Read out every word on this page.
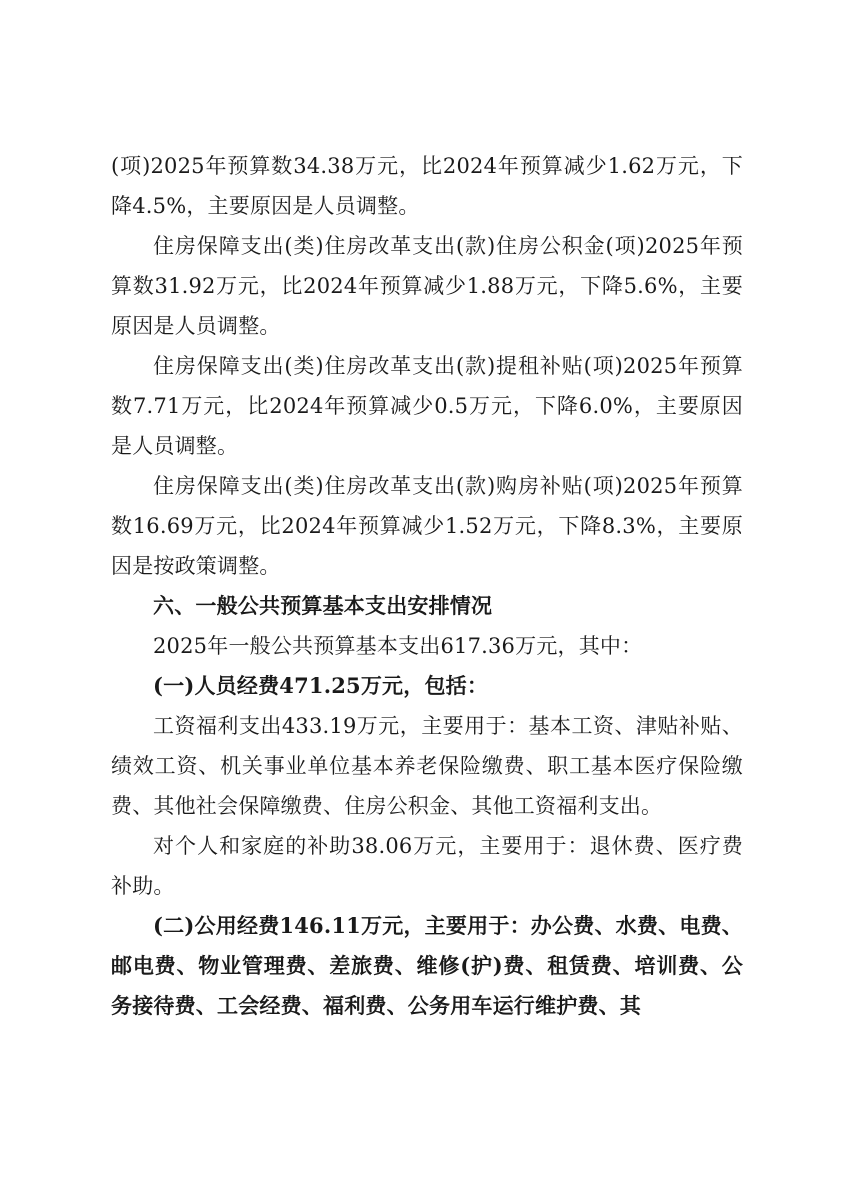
(项)2025年预算数34.38万元，比2024年预算减少1.62万元，下降4.5%，主要原因是人员调整。

住房保障支出(类)住房改革支出(款)住房公积金(项)2025年预算数31.92万元，比2024年预算减少1.88万元，下降5.6%，主要原因是人员调整。

住房保障支出(类)住房改革支出(款)提租补贴(项)2025年预算数7.71万元，比2024年预算减少0.5万元，下降6.0%，主要原因是人员调整。

住房保障支出(类)住房改革支出(款)购房补贴(项)2025年预算数16.69万元，比2024年预算减少1.52万元，下降8.3%，主要原因是按政策调整。

六、一般公共预算基本支出安排情况

2025年一般公共预算基本支出617.36万元，其中：

(一)人员经费471.25万元，包括：

工资福利支出433.19万元，主要用于：基本工资、津贴补贴、绩效工资、机关事业单位基本养老保险缴费、职工基本医疗保险缴费、其他社会保障缴费、住房公积金、其他工资福利支出。

对个人和家庭的补助38.06万元，主要用于：退休费、医疗费补助。

(二)公用经费146.11万元，主要用于：办公费、水费、电费、邮电费、物业管理费、差旅费、维修(护)费、租赁费、培训费、公务接待费、工会经费、福利费、公务用车运行维护费、其
